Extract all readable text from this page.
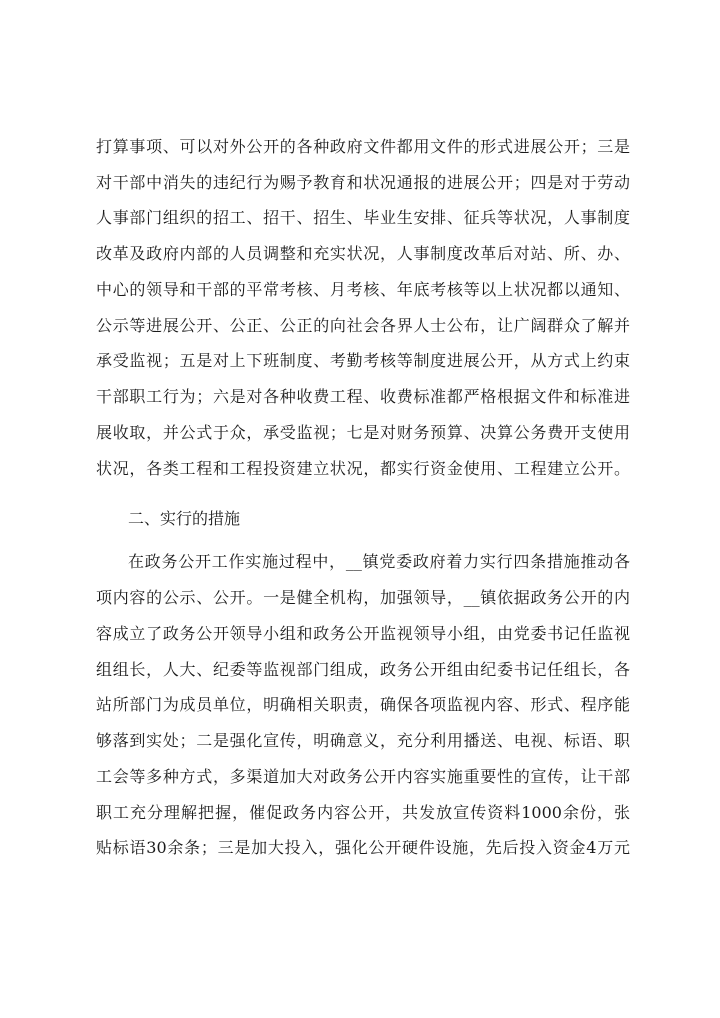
打算事项、可以对外公开的各种政府文件都用文件的形式进展公开；三是
对干部中消失的违纪行为赐予教育和状况通报的进展公开；四是对于劳动
人事部门组织的招工、招干、招生、毕业生安排、征兵等状况，人事制度
改革及政府内部的人员调整和充实状况，人事制度改革后对站、所、办、
中心的领导和干部的平常考核、月考核、年底考核等以上状况都以通知、
公示等进展公开、公正、公正的向社会各界人士公布，让广阔群众了解并
承受监视；五是对上下班制度、考勤考核等制度进展公开，从方式上约束
干部职工行为；六是对各种收费工程、收费标准都严格根据文件和标准进
展收取，并公式于众，承受监视；七是对财务预算、决算公务费开支使用
状况，各类工程和工程投资建立状况，都实行资金使用、工程建立公开。
二、实行的措施
在政务公开工作实施过程中，__镇党委政府着力实行四条措施推动各
项内容的公示、公开。一是健全机构，加强领导，__镇依据政务公开的内
容成立了政务公开领导小组和政务公开监视领导小组，由党委书记任监视
组组长，人大、纪委等监视部门组成，政务公开组由纪委书记任组长，各
站所部门为成员单位，明确相关职责，确保各项监视内容、形式、程序能
够落到实处；二是强化宣传，明确意义，充分利用播送、电视、标语、职
工会等多种方式，多渠道加大对政务公开内容实施重要性的宣传，让干部
职工充分理解把握，催促政务内容公开，共发放宣传资料1000余份，张
贴标语30余条；三是加大投入，强化公开硬件设施，先后投入资金4万元
